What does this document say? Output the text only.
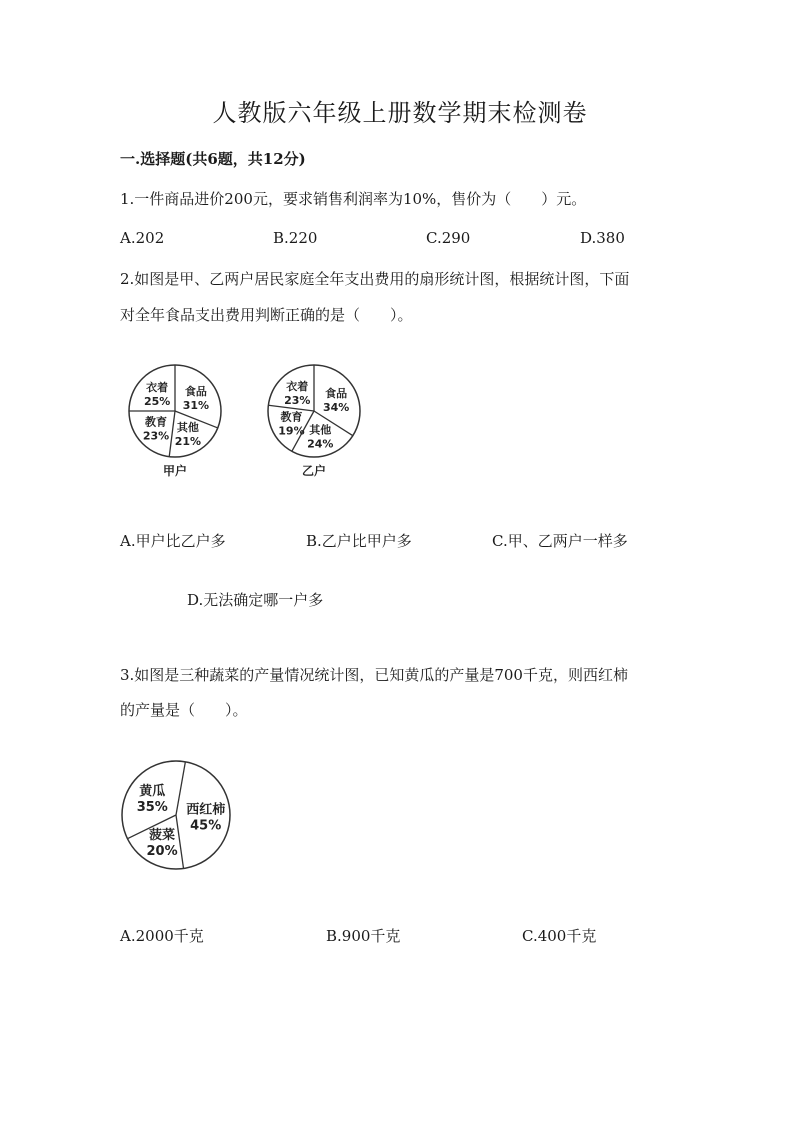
人教版六年级上册数学期末检测卷
一.选择题(共6题，共12分)
1.一件商品进价200元，要求销售利润率为10%，售价为（　　）元。
A.202	B.220	C.290	D.380
2.如图是甲、乙两户居民家庭全年支出费用的扇形统计图，根据统计图，下面
对全年食品支出费用判断正确的是（　　）。
食品
31%
其他
21%
教育
23%
衣着
25%
甲户
食品
34%
其他
24%
教育
19%
衣着
23%
乙户
西红柿
45%
菠菜
20%
黄瓜
35%
A.甲户比乙户多	B.乙户比甲户多	C.甲、乙两户一样多
D.无法确定哪一户多
3.如图是三种蔬菜的产量情况统计图，已知黄瓜的产量是700千克，则西红柿
的产量是（　　）。
A.2000千克	B.900千克	C.400千克
